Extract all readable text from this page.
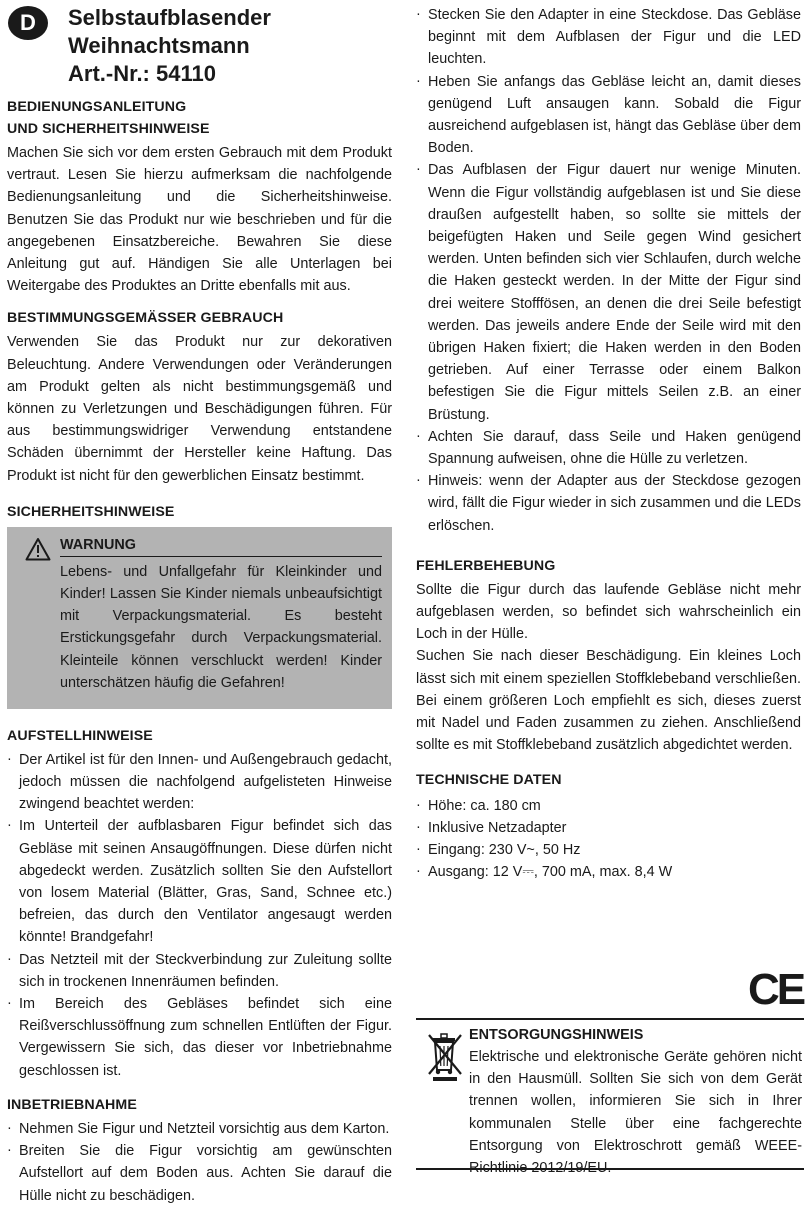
D	Selbstaufblasender
Weihnachtsmann
Art.-Nr.: 54110
BEDIENUNGSANLEITUNG
UND SICHERHEITSHINWEISE

Machen Sie sich vor dem ersten Gebrauch mit dem Produkt vertraut. Lesen Sie hierzu aufmerksam die nachfolgende Bedienungsanleitung und die Sicherheitshinweise. Benutzen Sie das Produkt nur wie beschrieben und für die angegebenen Einsatzbereiche. Bewahren Sie diese Anleitung gut auf. Händigen Sie alle Unterlagen bei Weitergabe des Produktes an Dritte ebenfalls mit aus.

BESTIMMUNGSGEMÄSSER GEBRAUCH

Verwenden Sie das Produkt nur zur dekorativen Beleuchtung. Andere Verwendungen oder Veränderungen am Produkt gelten als nicht bestimmungsgemäß und können zu Verletzungen und Beschädigungen führen. Für aus bestimmungswidriger Verwendung entstandene Schäden übernimmt der Hersteller keine Haftung. Das Produkt ist nicht für den gewerblichen Einsatz bestimmt.

SICHERHEITSHINWEISE
WARNUNG

Lebens- und Unfallgefahr für Kleinkinder und Kinder! Lassen Sie Kinder niemals unbeaufsichtigt mit Verpackungsmaterial. Es besteht Erstickungsgefahr durch Verpackungsmaterial. Kleinteile können verschluckt werden! Kinder unterschätzen häufig die Gefahren!

AUFSTELLHINWEISE
· Der Artikel ist für den Innen- und Außengebrauch gedacht, jedoch müssen die nachfolgend aufgelisteten Hinweise zwingend beachtet werden:
· Im Unterteil der aufblasbaren Figur befindet sich das Gebläse mit seinen Ansaugöffnungen. Diese dürfen nicht abgedeckt werden. Zusätzlich sollten Sie den Aufstellort von losem Material (Blätter, Gras, Sand, Schnee etc.) befreien, das durch den Ventilator angesaugt werden könnte! Brandgefahr!
· Das Netzteil mit der Steckverbindung zur Zuleitung sollte sich in trockenen Innenräumen befinden.
· Im Bereich des Gebläses befindet sich eine Reißverschlussöffnung zum schnellen Entlüften der Figur. Vergewissern Sie sich, das dieser vor Inbetriebnahme geschlossen ist.
INBETRIEBNAHME
· Nehmen Sie Figur und Netzteil vorsichtig aus dem Karton.
· Breiten Sie die Figur vorsichtig am gewünschten Aufstellort auf dem Boden aus. Achten Sie darauf die Hülle nicht zu beschädigen.
· Stecken Sie den Adapter in eine Steckdose. Das Gebläse beginnt mit dem Aufblasen der Figur und die LED leuchten.
· Heben Sie anfangs das Gebläse leicht an, damit dieses genügend Luft ansaugen kann. Sobald die Figur ausreichend aufgeblasen ist, hängt das Gebläse über dem Boden.
· Das Aufblasen der Figur dauert nur wenige Minuten. Wenn die Figur vollständig aufgeblasen ist und Sie diese draußen aufgestellt haben, so sollte sie mittels der beigefügten Haken und Seile gegen Wind gesichert werden. Unten befinden sich vier Schlaufen, durch welche die Haken gesteckt werden. In der Mitte der Figur sind drei weitere Stofffösen, an denen die drei Seile befestigt werden. Das jeweils andere Ende der Seile wird mit den übrigen Haken fixiert; die Haken werden in den Boden getrieben. Auf einer Terrasse oder einem Balkon befestigen Sie die Figur mittels Seilen z.B. an einer Brüstung.
· Achten Sie darauf, dass Seile und Haken genügend Spannung aufweisen, ohne die Hülle zu verletzen.
· Hinweis: wenn der Adapter aus der Steckdose gezogen wird, fällt die Figur wieder in sich zusammen und die LEDs erlöschen.
FEHLERBEHEBUNG

Sollte die Figur durch das laufende Gebläse nicht mehr aufgeblasen werden, so befindet sich wahrscheinlich ein Loch in der Hülle.

Suchen Sie nach dieser Beschädigung. Ein kleines Loch lässt sich mit einem speziellen Stoffklebeband verschließen. Bei einem größeren Loch empfiehlt es sich, dieses zuerst mit Nadel und Faden zusammen zu ziehen. Anschließend sollte es mit Stoffklebeband zusätzlich abgedichtet werden.

TECHNISCHE DATEN
· Höhe: ca. 180 cm
· Inklusive Netzadapter
· Eingang: 230 V~, 50 Hz
· Ausgang: 12 V⎓, 700 mA, max. 8,4 W
CE
ENTSORGUNGSHINWEIS

Elektrische und elektronische Geräte gehören nicht in den Hausmüll. Sollten Sie sich von dem Gerät trennen wollen, informieren Sie sich in Ihrer kommunalen Stelle über eine fachgerechte Entsorgung von Elektroschrott gemäß WEEE-Richtlinie 2012/19/EU.
